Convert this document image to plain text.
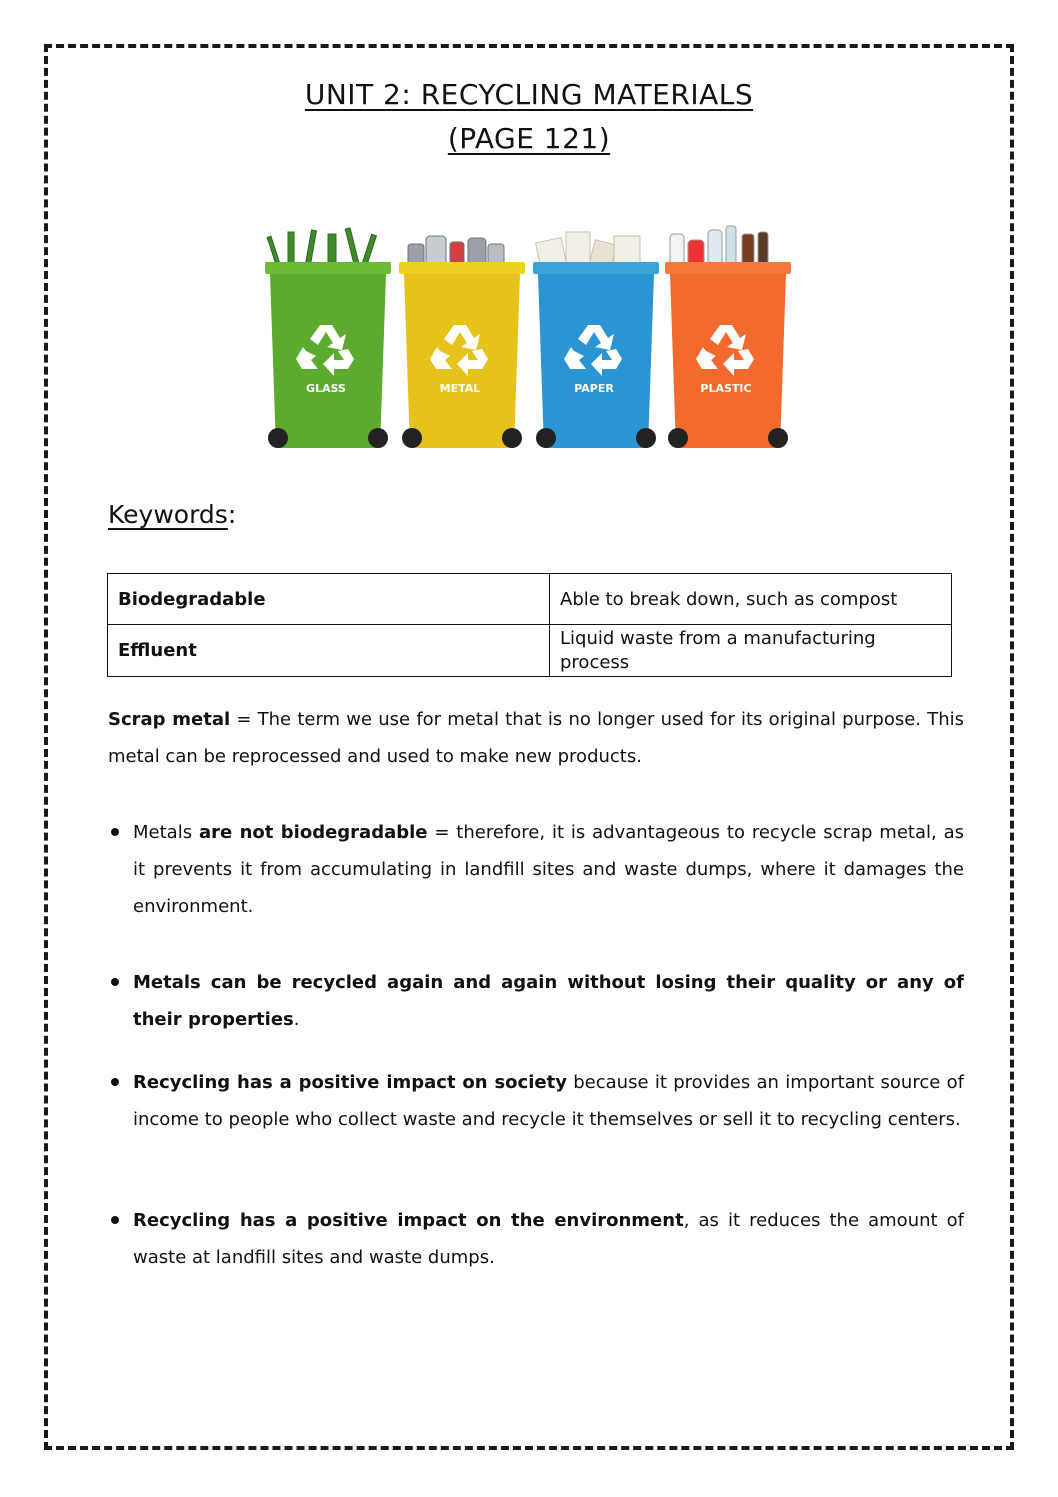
UNIT 2: RECYCLING MATERIALS
(PAGE 121)
GLASS	METAL	PAPER	PLASTIC
Keywords:
Biodegradable	Able to break down, such as compost
Effluent	Liquid waste from a manufacturing process

Scrap metal = The term we use for metal that is no longer used for its original purpose. This metal can be reprocessed and used to make new products.

Metals are not biodegradable = therefore, it is advantageous to recycle scrap metal, as it prevents it from accumulating in landfill sites and waste dumps, where it damages the environment.
Metals can be recycled again and again without losing their quality or any of their properties.
Recycling has a positive impact on society because it provides an important source of income to people who collect waste and recycle it themselves or sell it to recycling centers.
Recycling has a positive impact on the environment, as it reduces the amount of waste at landfill sites and waste dumps.
